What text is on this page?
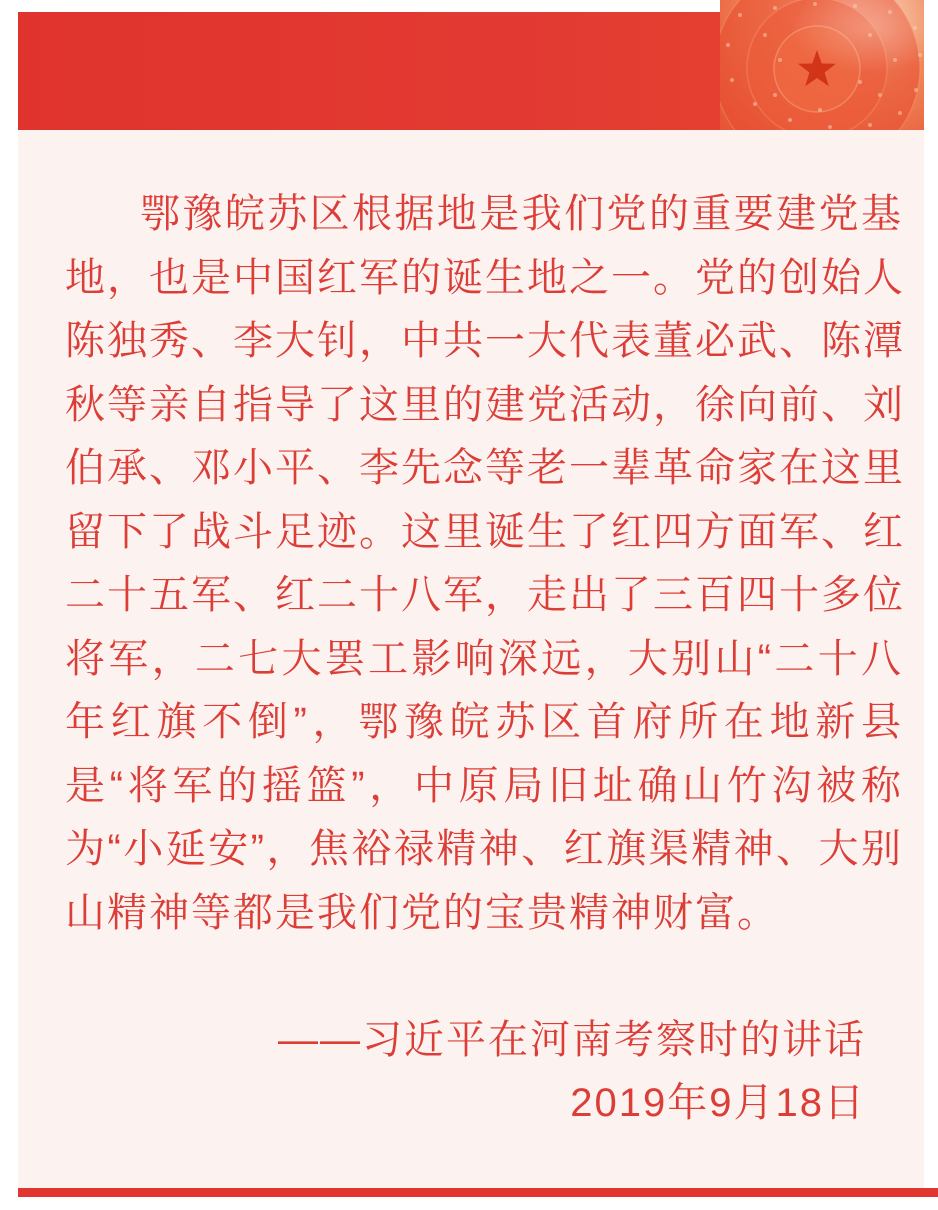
鄂豫皖苏区根据地是我们党的重要建党基
地，也是中国红军的诞生地之一。党的创始人
陈独秀、李大钊，中共一大代表董必武、陈潭
秋等亲自指导了这里的建党活动，徐向前、刘
伯承、邓小平、李先念等老一辈革命家在这里
留下了战斗足迹。这里诞生了红四方面军、红
二十五军、红二十八军，走出了三百四十多位
将军，二七大罢工影响深远，大别山“二十八
年红旗不倒”，鄂豫皖苏区首府所在地新县
是“将军的摇篮”，中原局旧址确山竹沟被称
为“小延安”，焦裕禄精神、红旗渠精神、大别
山精神等都是我们党的宝贵精神财富。
——习近平在河南考察时的讲话
2019年9月18日
